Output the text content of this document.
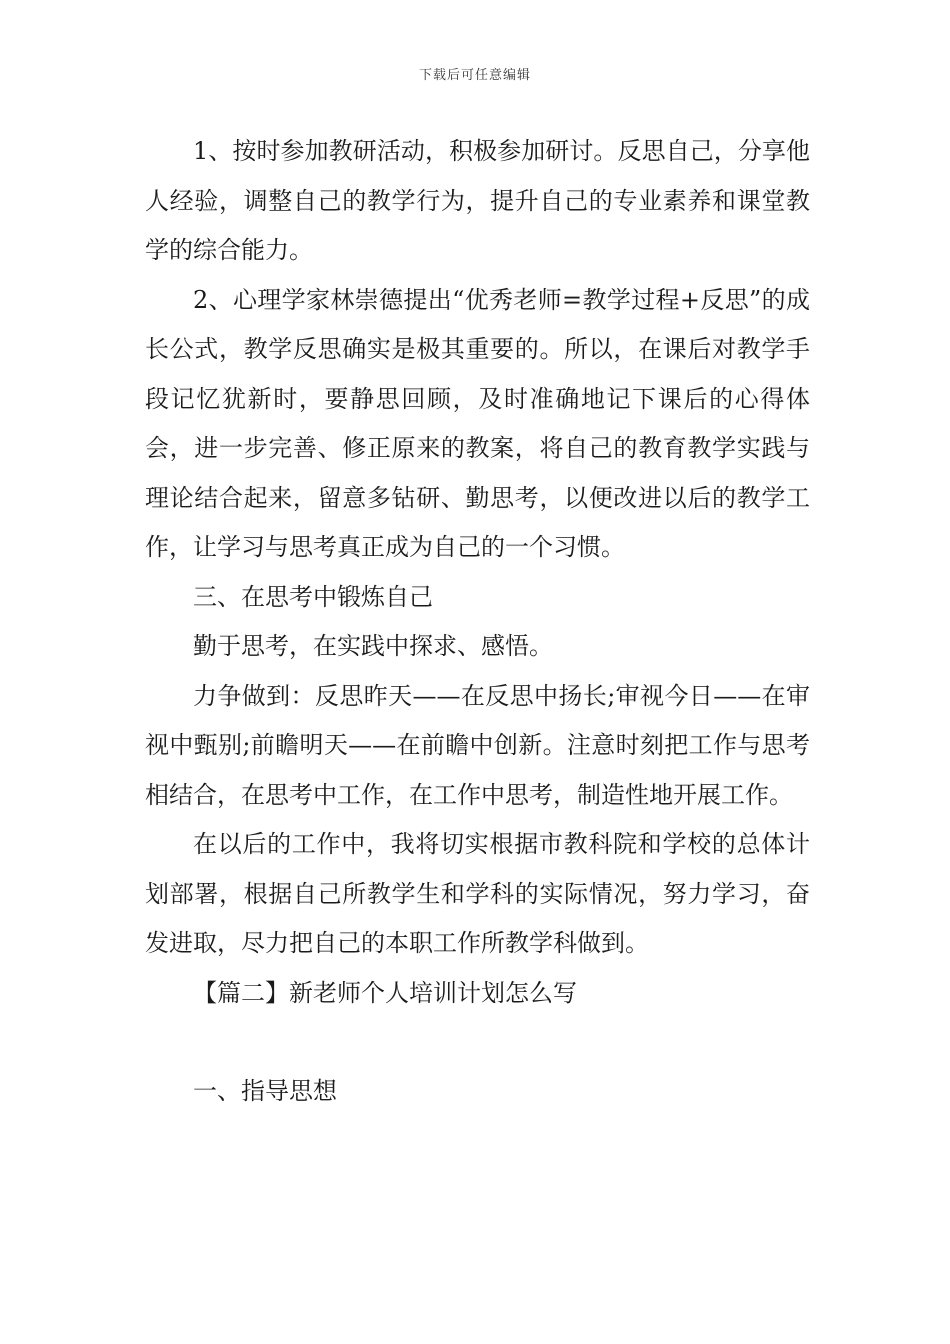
下载后可任意编辑

1、按时参加教研活动，积极参加研讨。反思自己，分享他人经验，调整自己的教学行为，提升自己的专业素养和课堂教学的综合能力。

2、心理学家林崇德提出“优秀老师=教学过程+反思”的成长公式，教学反思确实是极其重要的。所以，在课后对教学手段记忆犹新时，要静思回顾，及时准确地记下课后的心得体会，进一步完善、修正原来的教案，将自己的教育教学实践与理论结合起来，留意多钻研、勤思考，以便改进以后的教学工作，让学习与思考真正成为自己的一个习惯。

三、在思考中锻炼自己

勤于思考，在实践中探求、感悟。

力争做到：反思昨天——在反思中扬长;审视今日——在审视中甄别;前瞻明天——在前瞻中创新。注意时刻把工作与思考相结合，在思考中工作，在工作中思考，制造性地开展工作。

在以后的工作中，我将切实根据市教科院和学校的总体计划部署，根据自己所教学生和学科的实际情况，努力学习，奋发进取，尽力把自己的本职工作所教学科做到。

【篇二】新老师个人培训计划怎么写

一、指导思想
